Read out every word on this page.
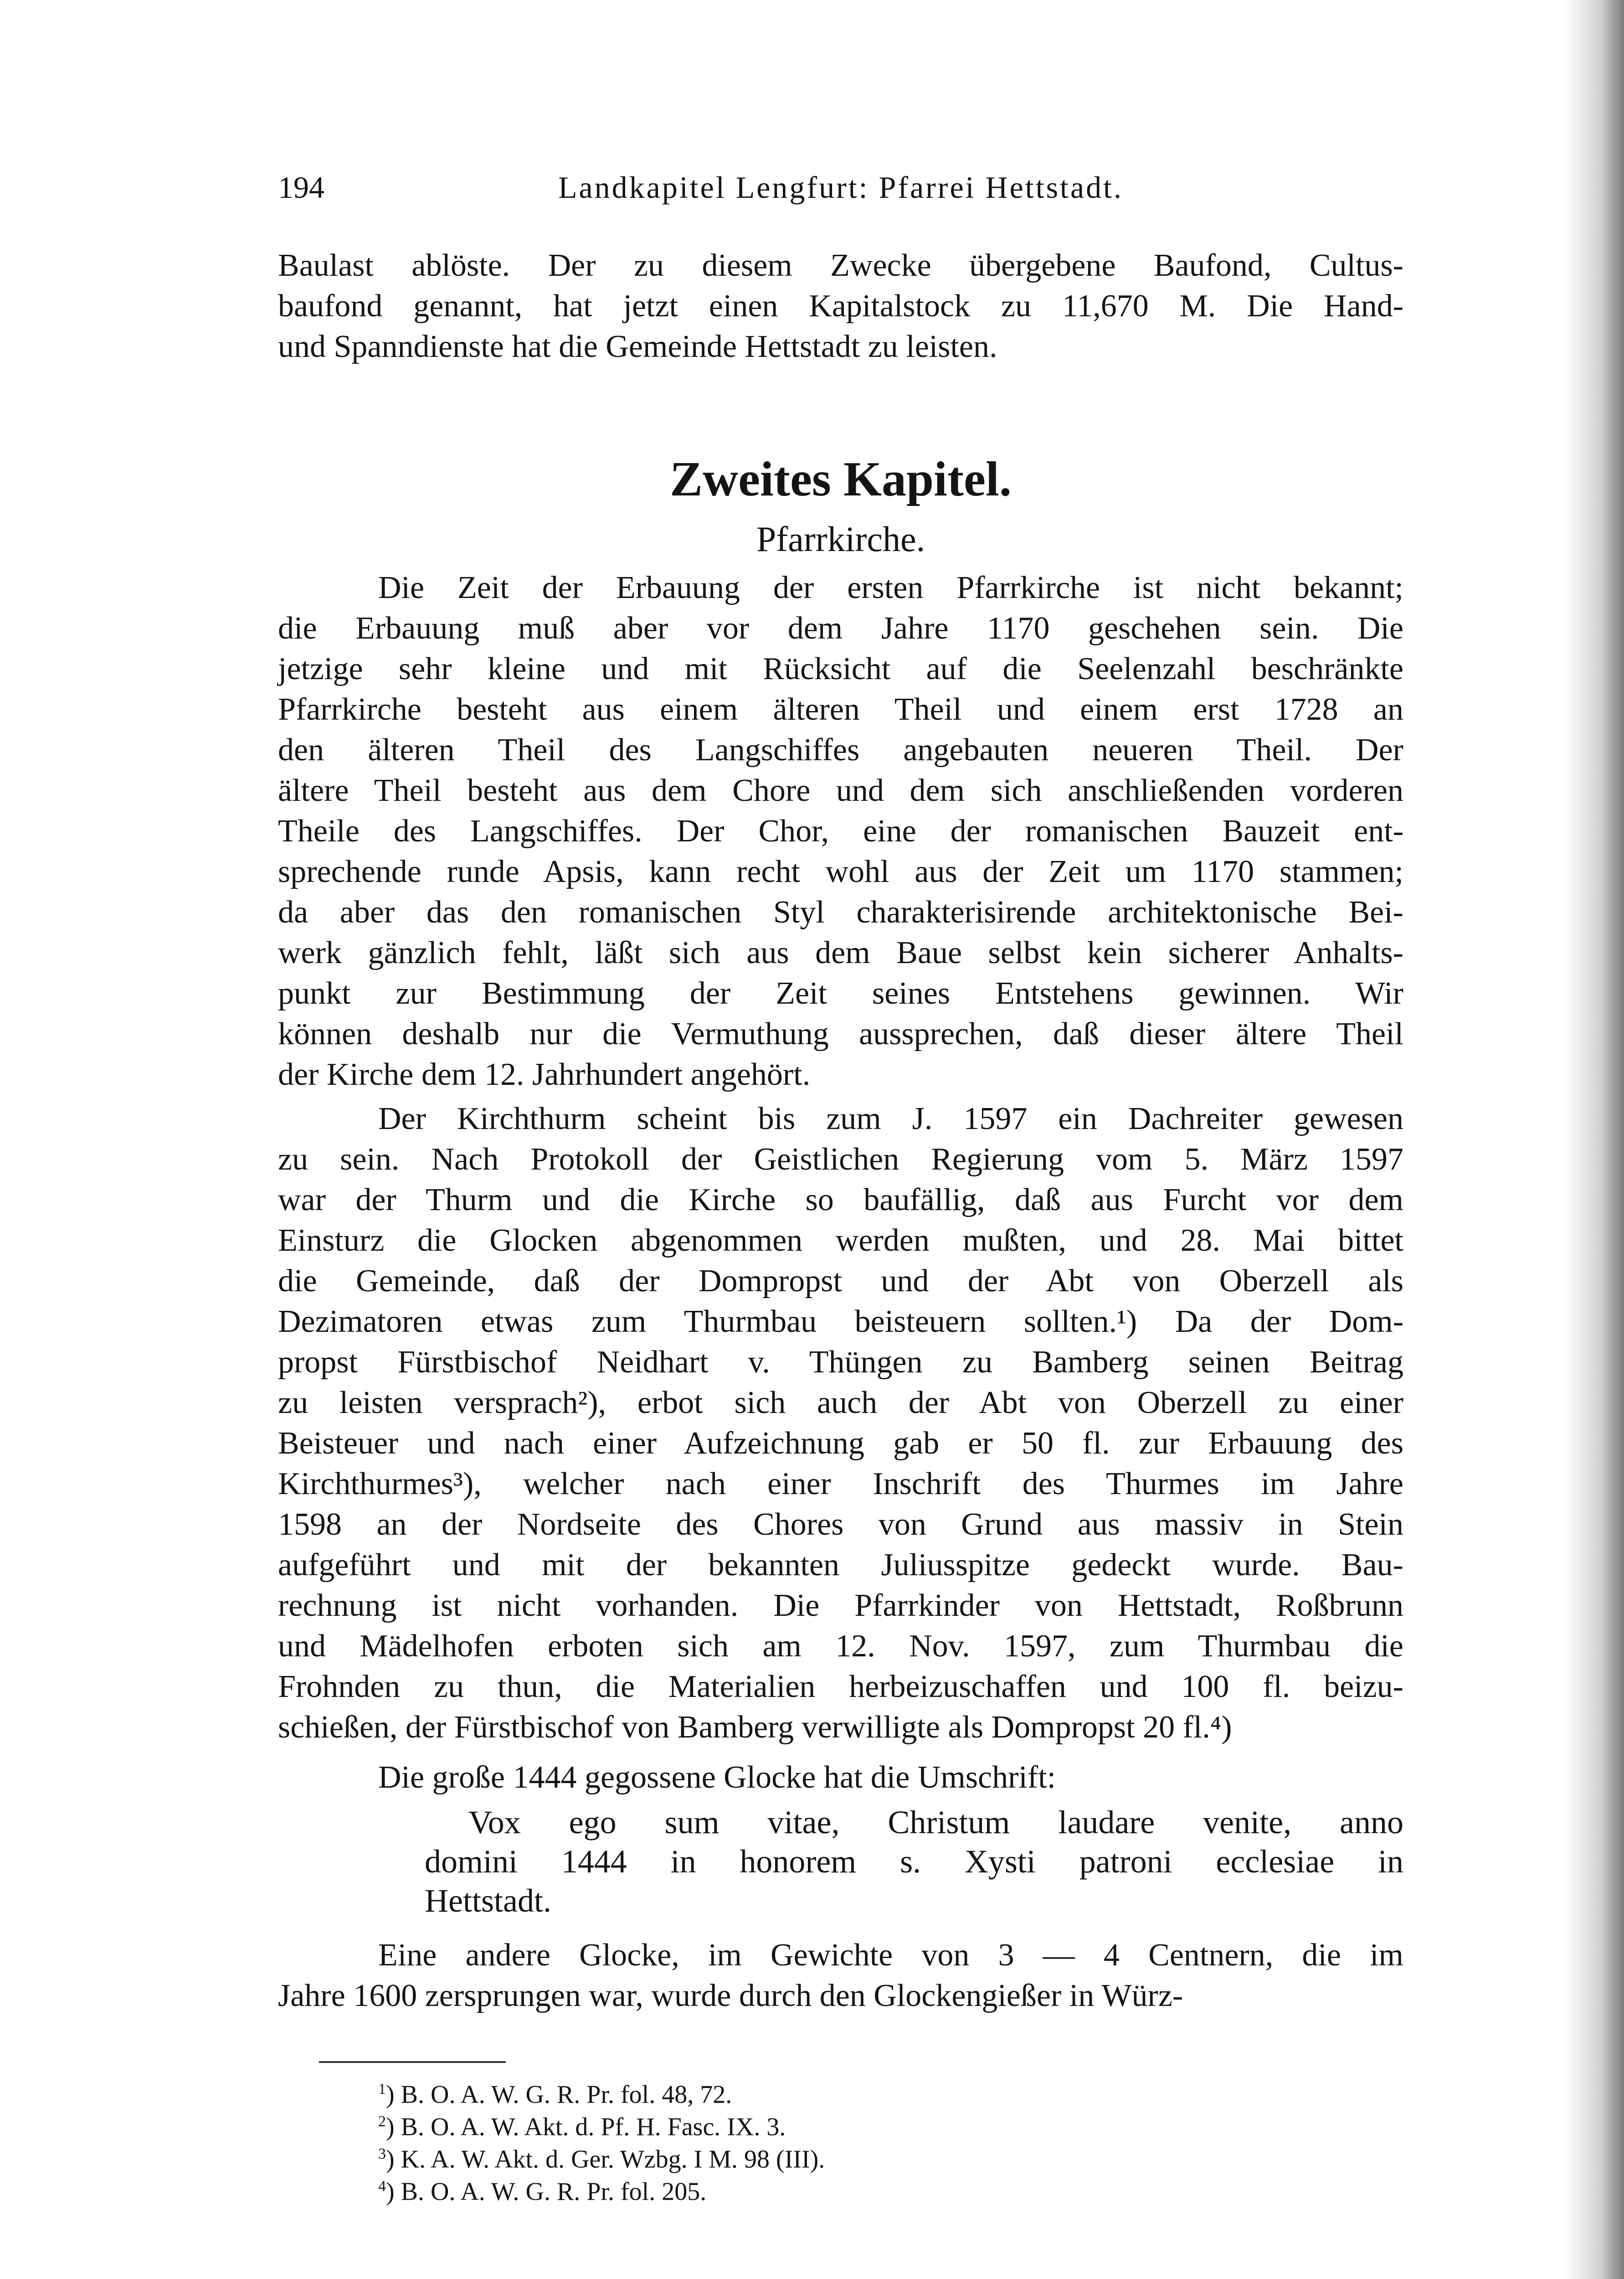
194	Landkapitel Lengfurt: Pfarrei Hettstadt.
Baulast ablöste. Der zu diesem Zwecke übergebene Baufond, Cultus-
baufond genannt, hat jetzt einen Kapitalstock zu 11,670 M. Die Hand-
und Spanndienste hat die Gemeinde Hettstadt zu leisten.
Zweites Kapitel.
Pfarrkirche.
Die Zeit der Erbauung der ersten Pfarrkirche ist nicht bekannt;
die Erbauung muß aber vor dem Jahre 1170 geschehen sein. Die
jetzige sehr kleine und mit Rücksicht auf die Seelenzahl beschränkte
Pfarrkirche besteht aus einem älteren Theil und einem erst 1728 an
den älteren Theil des Langschiffes angebauten neueren Theil. Der
ältere Theil besteht aus dem Chore und dem sich anschließenden vorderen
Theile des Langschiffes. Der Chor, eine der romanischen Bauzeit ent-
sprechende runde Apsis, kann recht wohl aus der Zeit um 1170 stammen;
da aber das den romanischen Styl charakterisirende architektonische Bei-
werk gänzlich fehlt, läßt sich aus dem Baue selbst kein sicherer Anhalts-
punkt zur Bestimmung der Zeit seines Entstehens gewinnen. Wir
können deshalb nur die Vermuthung aussprechen, daß dieser ältere Theil
der Kirche dem 12. Jahrhundert angehört.
Der Kirchthurm scheint bis zum J. 1597 ein Dachreiter gewesen
zu sein. Nach Protokoll der Geistlichen Regierung vom 5. März 1597
war der Thurm und die Kirche so baufällig, daß aus Furcht vor dem
Einsturz die Glocken abgenommen werden mußten, und 28. Mai bittet
die Gemeinde, daß der Dompropst und der Abt von Oberzell als
Dezimatoren etwas zum Thurmbau beisteuern sollten.¹) Da der Dom-
propst Fürstbischof Neidhart v. Thüngen zu Bamberg seinen Beitrag
zu leisten versprach²), erbot sich auch der Abt von Oberzell zu einer
Beisteuer und nach einer Aufzeichnung gab er 50 fl. zur Erbauung des
Kirchthurmes³), welcher nach einer Inschrift des Thurmes im Jahre
1598 an der Nordseite des Chores von Grund aus massiv in Stein
aufgeführt und mit der bekannten Juliusspitze gedeckt wurde. Bau-
rechnung ist nicht vorhanden. Die Pfarrkinder von Hettstadt, Roßbrunn
und Mädelhofen erboten sich am 12. Nov. 1597, zum Thurmbau die
Frohnden zu thun, die Materialien herbeizuschaffen und 100 fl. beizu-
schießen, der Fürstbischof von Bamberg verwilligte als Dompropst 20 fl.⁴)
Die große 1444 gegossene Glocke hat die Umschrift:
Vox ego sum vitae, Christum laudare venite, anno
domini 1444 in honorem s. Xysti patroni ecclesiae in
Hettstadt.
Eine andere Glocke, im Gewichte von 3 — 4 Centnern, die im
Jahre 1600 zersprungen war, wurde durch den Glockengießer in Würz-
$^1$) B. O. A. W. G. R. Pr. fol. 48, 72.
$^2$) B. O. A. W. Akt. d. Pf. H. Fasc. IX. 3.
$^3$) K. A. W. Akt. d. Ger. Wzbg. I M. 98 (III).
$^4$) B. O. A. W. G. R. Pr. fol. 205.
